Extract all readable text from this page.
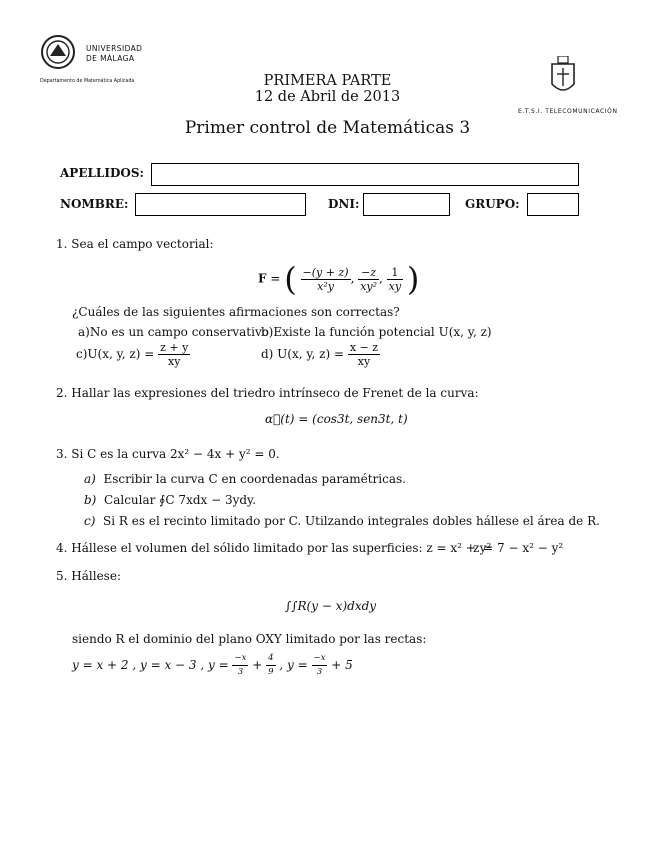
UNIVERSIDAD
DE MÁLAGA
Departamento de Matemática Aplicada
E.T.S.I. TELECOMUNICACIÓN
PRIMERA PARTE
12 de Abril de 2013
Primer control de Matemáticas 3
APELLIDOS:
NOMBRE:	DNI:	GRUPO:
1. Sea el campo vectorial:
F = ( $\frac{-(y + z)}{\text{x²y}}$ , $\frac{-z}{\text{xy²}}$ , $\frac{1}{xy}$ )
¿Cuáles de las siguientes afirmaciones son correctas?
a)No es un campo conservativo
b)Existe la función potencial U(x, y, z)
c)U(x, y, $z) = \frac{z + y}{xy}$	d) U(x, y, $z) = \frac{x - z}{xy}$
2. Hallar las expresiones del triedro intrínseco de Frenet de la curva:
α⃗(t) = (cos3t, sen3t, t)
3. Si C es la curva 2x² − 4x + y² = 0.
a) Escribir la curva C en coordenadas paramétricas.
b) Calcular ∮C 7xdx − 3ydy.
c) Si R es el recinto limitado por C. Utilzando integrales dobles hállese el área de R.
4. Hállese el volumen del sólido limitado por las superficies: z = x² + y²
z = 7 − x² − y²
5. Hállese:
∫∫R(y − x)dxdy
siendo R el dominio del plano OXY limitado por las rectas:
y = x + 2 , y = x − 3 , $y = \frac{-x}{3} + \frac{4}{9}$ , $y = \frac{-x}{3} + 5$
